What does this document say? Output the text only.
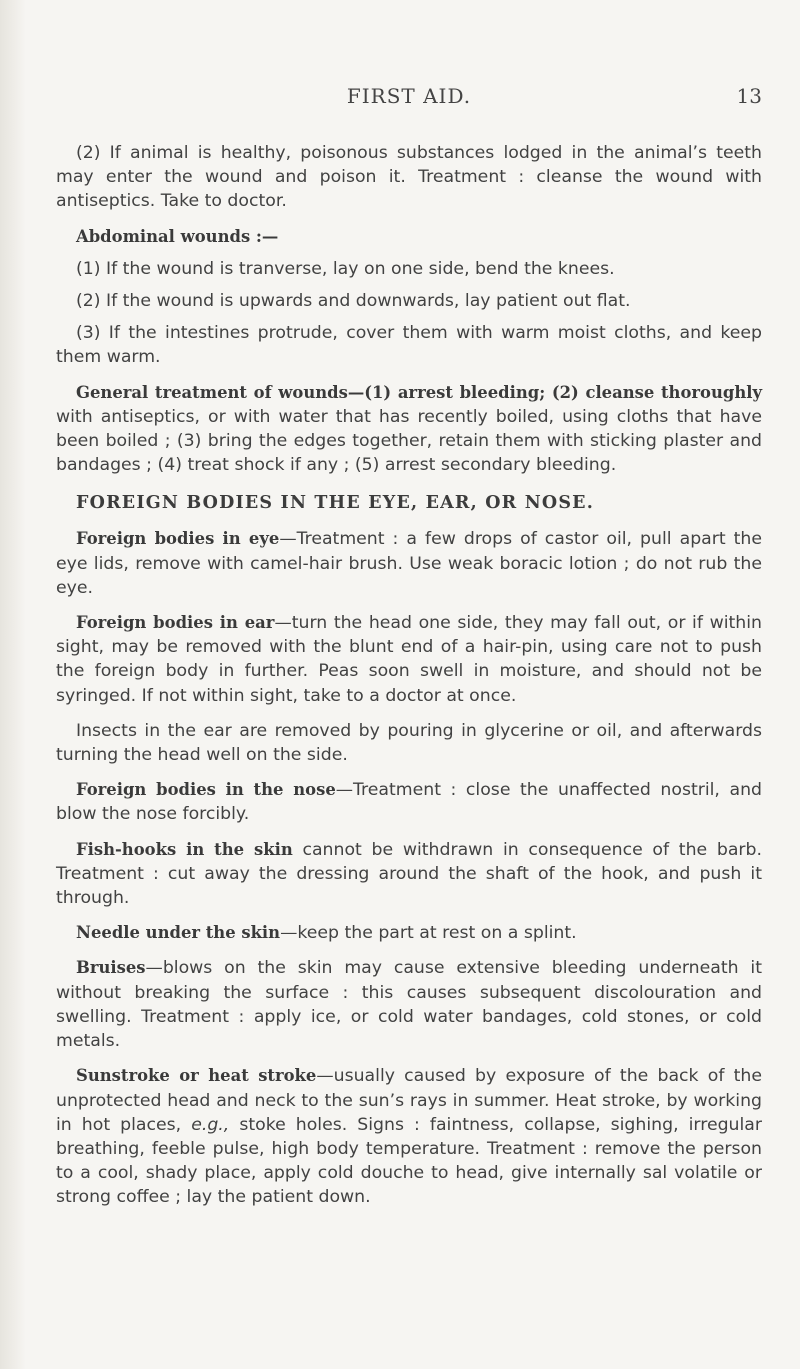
FIRST AID.	13

(2) If animal is healthy, poisonous substances lodged in the animal’s teeth may enter the wound and poison it. Treatment : cleanse the wound with antiseptics. Take to doctor.

Abdominal wounds :—

(1) If the wound is tranverse, lay on one side, bend the knees.

(2) If the wound is upwards and downwards, lay patient out flat.

(3) If the intestines protrude, cover them with warm moist cloths, and keep them warm.

General treatment of wounds—(1) arrest bleeding; (2) cleanse thoroughly with antiseptics, or with water that has recently boiled, using cloths that have been boiled ; (3) bring the edges together, retain them with sticking plaster and bandages ; (4) treat shock if any ; (5) arrest secondary bleeding.

FOREIGN BODIES IN THE EYE, EAR, OR NOSE.

Foreign bodies in eye—Treatment : a few drops of castor oil, pull apart the eye lids, remove with camel-hair brush. Use weak boracic lotion ; do not rub the eye.

Foreign bodies in ear—turn the head one side, they may fall out, or if within sight, may be removed with the blunt end of a hair-pin, using care not to push the foreign body in further. Peas soon swell in moisture, and should not be syringed. If not within sight, take to a doctor at once.

Insects in the ear are removed by pouring in glycerine or oil, and afterwards turning the head well on the side.

Foreign bodies in the nose—Treatment : close the unaffected nostril, and blow the nose forcibly.

Fish-hooks in the skin cannot be withdrawn in consequence of the barb. Treatment : cut away the dressing around the shaft of the hook, and push it through.

Needle under the skin—keep the part at rest on a splint.

Bruises—blows on the skin may cause extensive bleeding underneath it without breaking the surface : this causes subsequent discolouration and swelling. Treatment : apply ice, or cold water bandages, cold stones, or cold metals.

Sunstroke or heat stroke—usually caused by exposure of the back of the unprotected head and neck to the sun’s rays in summer. Heat stroke, by working in hot places, e.g., stoke holes. Signs : faintness, collapse, sighing, irregular breathing, feeble pulse, high body temperature. Treatment : remove the person to a cool, shady place, apply cold douche to head, give internally sal volatile or strong coffee ; lay the patient down.
